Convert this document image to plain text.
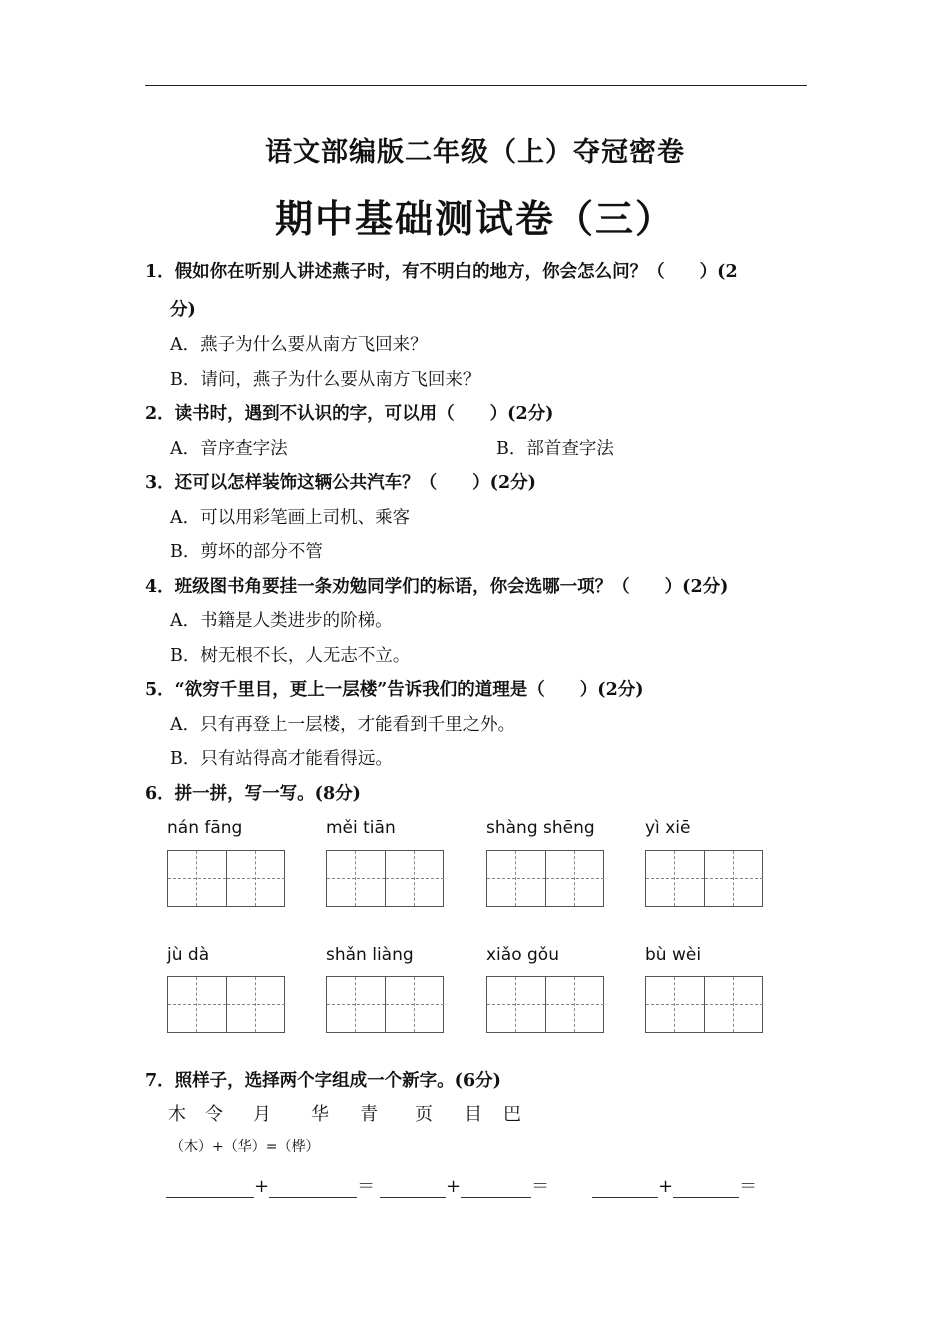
语文部编版二年级（上）夺冠密卷
期中基础测试卷（三）
1．假如你在听别人讲述燕子时，有不明白的地方，你会怎么问？（　　）(2
分)
A．燕子为什么要从南方飞回来？
B．请问，燕子为什么要从南方飞回来？
2．读书时，遇到不认识的字，可以用（　　）(2分)
A．音序查字法	B．部首查字法
3．还可以怎样装饰这辆公共汽车？（　　）(2分)
A．可以用彩笔画上司机、乘客
B．剪坏的部分不管
4．班级图书角要挂一条劝勉同学们的标语，你会选哪一项？（　　）(2分)
A．书籍是人类进步的阶梯。
B．树无根不长，人无志不立。
5．“欲穷千里目，更上一层楼”告诉我们的道理是（　　）(2分)
A．只有再登上一层楼，才能看到千里之外。
B．只有站得高才能看得远。
6．拼一拼，写一写。(8分)
nán fāng	měi tiān	shàng shēng	yì xiē
jù dà	shǎn liàng	xiǎo gǒu	bù wèi
7．照样子，选择两个字组成一个新字。(6分)
木 令 月 华 青 页 目 巴
（木）+（华）=（桦）
+	＝	+	＝	+	＝
